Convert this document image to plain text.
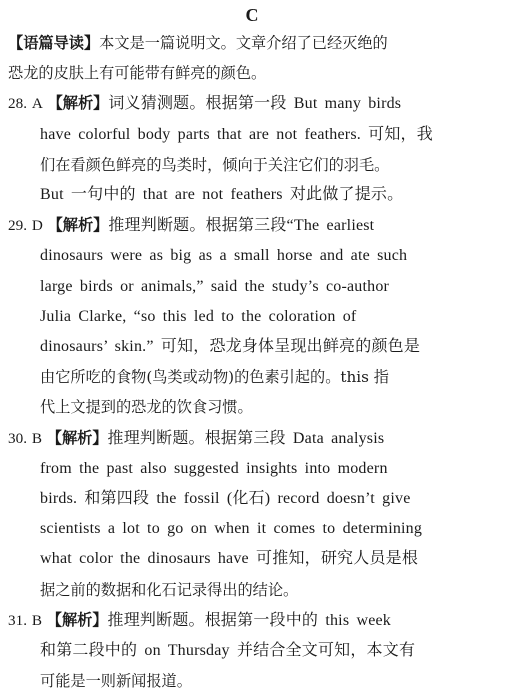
C
【语篇导读】本文是一篇说明文。文章介绍了已经灭绝的
恐龙的皮肤上有可能带有鲜亮的颜色。
28. A 【解析】词义猜测题。根据第一段 But many birds
have colorful body parts that are not feathers. 可知，我
们在看颜色鲜亮的鸟类时，倾向于关注它们的羽毛。
But 一句中的 that are not feathers 对此做了提示。
29. D 【解析】推理判断题。根据第三段“The earliest
dinosaurs were as big as a small horse and ate such
large birds or animals,” said the study’s co-author
Julia Clarke, “so this led to the coloration of
dinosaurs’ skin.” 可知，恐龙身体呈现出鲜亮的颜色是
由它所吃的食物(鸟类或动物)的色素引起的。this 指
代上文提到的恐龙的饮食习惯。
30. B 【解析】推理判断题。根据第三段 Data analysis
from the past also suggested insights into modern
birds. 和第四段 the fossil (化石) record doesn’t give
scientists a lot to go on when it comes to determining
what color the dinosaurs have 可推知，研究人员是根
据之前的数据和化石记录得出的结论。
31. B 【解析】推理判断题。根据第一段中的 this week
和第二段中的 on Thursday 并结合全文可知，本文有
可能是一则新闻报道。
